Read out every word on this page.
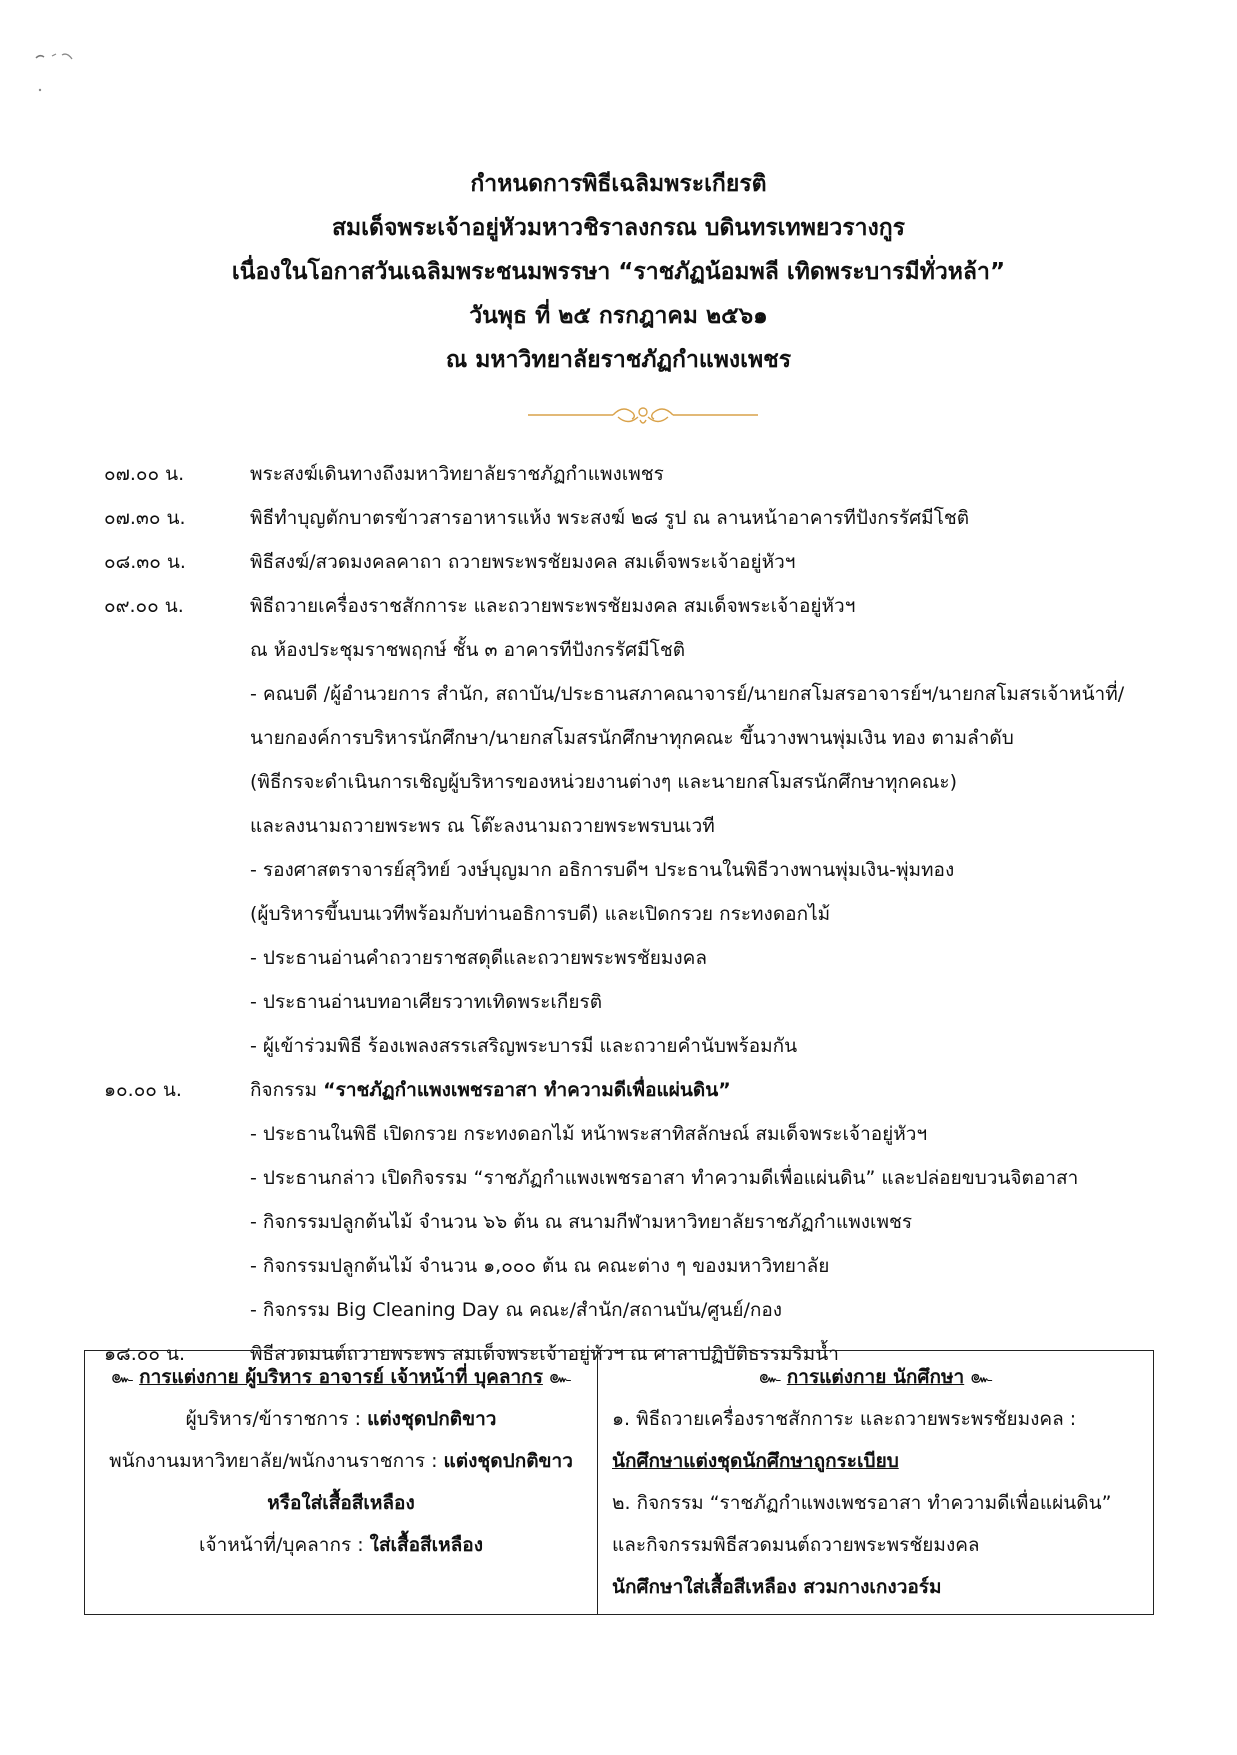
กำหนดการพิธีเฉลิมพระเกียรติ
สมเด็จพระเจ้าอยู่หัวมหาวชิราลงกรณ บดินทรเทพยวรางกูร
เนื่องในโอกาสวันเฉลิมพระชนมพรรษา “ราชภัฏน้อมพลี เทิดพระบารมีทั่วหล้า”
วันพุธ ที่ ๒๕ กรกฎาคม ๒๕๖๑
ณ มหาวิทยาลัยราชภัฏกำแพงเพชร
๐๗.๐๐ น.	พระสงฆ์เดินทางถึงมหาวิทยาลัยราชภัฏกำแพงเพชร
๐๗.๓๐ น.	พิธีทำบุญตักบาตรข้าวสารอาหารแห้ง พระสงฆ์ ๒๘ รูป ณ ลานหน้าอาคารทีปังกรรัศมีโชติ
๐๘.๓๐ น.	พิธีสงฆ์/สวดมงคลคาถา ถวายพระพรชัยมงคล สมเด็จพระเจ้าอยู่หัวฯ
๐๙.๐๐ น.	พิธีถวายเครื่องราชสักการะ และถวายพระพรชัยมงคล สมเด็จพระเจ้าอยู่หัวฯ
ณ ห้องประชุมราชพฤกษ์ ชั้น ๓ อาคารทีปังกรรัศมีโชติ
- คณบดี /ผู้อำนวยการ สำนัก, สถาบัน/ประธานสภาคณาจารย์/นายกสโมสรอาจารย์ฯ/นายกสโมสรเจ้าหน้าที่/
นายกองค์การบริหารนักศึกษา/นายกสโมสรนักศึกษาทุกคณะ ขึ้นวางพานพุ่มเงิน ทอง ตามลำดับ
(พิธีกรจะดำเนินการเชิญผู้บริหารของหน่วยงานต่างๆ และนายกสโมสรนักศึกษาทุกคณะ)
และลงนามถวายพระพร ณ โต๊ะลงนามถวายพระพรบนเวที
- รองศาสตราจารย์สุวิทย์ วงษ์บุญมาก อธิการบดีฯ ประธานในพิธีวางพานพุ่มเงิน-พุ่มทอง
(ผู้บริหารขึ้นบนเวทีพร้อมกับท่านอธิการบดี) และเปิดกรวย กระทงดอกไม้
- ประธานอ่านคำถวายราชสดุดีและถวายพระพรชัยมงคล
- ประธานอ่านบทอาเศียรวาทเทิดพระเกียรติ
- ผู้เข้าร่วมพิธี ร้องเพลงสรรเสริญพระบารมี และถวายคำนับพร้อมกัน
๑๐.๐๐ น.	กิจกรรม “ราชภัฏกำแพงเพชรอาสา ทำความดีเพื่อแผ่นดิน”
- ประธานในพิธี เปิดกรวย กระทงดอกไม้ หน้าพระสาทิสลักษณ์ สมเด็จพระเจ้าอยู่หัวฯ
- ประธานกล่าว เปิดกิจรรม “ราชภัฏกำแพงเพชรอาสา ทำความดีเพื่อแผ่นดิน” และปล่อยขบวนจิตอาสา
- กิจกรรมปลูกต้นไม้ จำนวน ๖๖ ต้น ณ สนามกีฬามหาวิทยาลัยราชภัฏกำแพงเพชร
- กิจกรรมปลูกต้นไม้ จำนวน ๑,๐๐๐ ต้น ณ คณะต่าง ๆ ของมหาวิทยาลัย
- กิจกรรม Big Cleaning Day ณ คณะ/สำนัก/สถานบัน/ศูนย์/กอง
๑๘.๐๐ น.	พิธีสวดมนต์ถวายพระพร สมเด็จพระเจ้าอยู่หัวฯ ณ ศาลาปฏิบัติธรรมริมน้ำ
๛ การแต่งกาย ผู้บริหาร อาจารย์ เจ้าหน้าที่ บุคลากร ๛
ผู้บริหาร/ข้าราชการ : แต่งชุดปกติขาว
พนักงานมหาวิทยาลัย/พนักงานราชการ : แต่งชุดปกติขาว
หรือใส่เสื้อสีเหลือง
เจ้าหน้าที่/บุคลากร : ใส่เสื้อสีเหลือง
๛ การแต่งกาย นักศึกษา ๛
๑. พิธีถวายเครื่องราชสักการะ และถวายพระพรชัยมงคล :
นักศึกษาแต่งชุดนักศึกษาถูกระเบียบ
๒. กิจกรรม “ราชภัฏกำแพงเพชรอาสา ทำความดีเพื่อแผ่นดิน”
และกิจกรรมพิธีสวดมนต์ถวายพระพรชัยมงคล
นักศึกษาใส่เสื้อสีเหลือง สวมกางเกงวอร์ม
